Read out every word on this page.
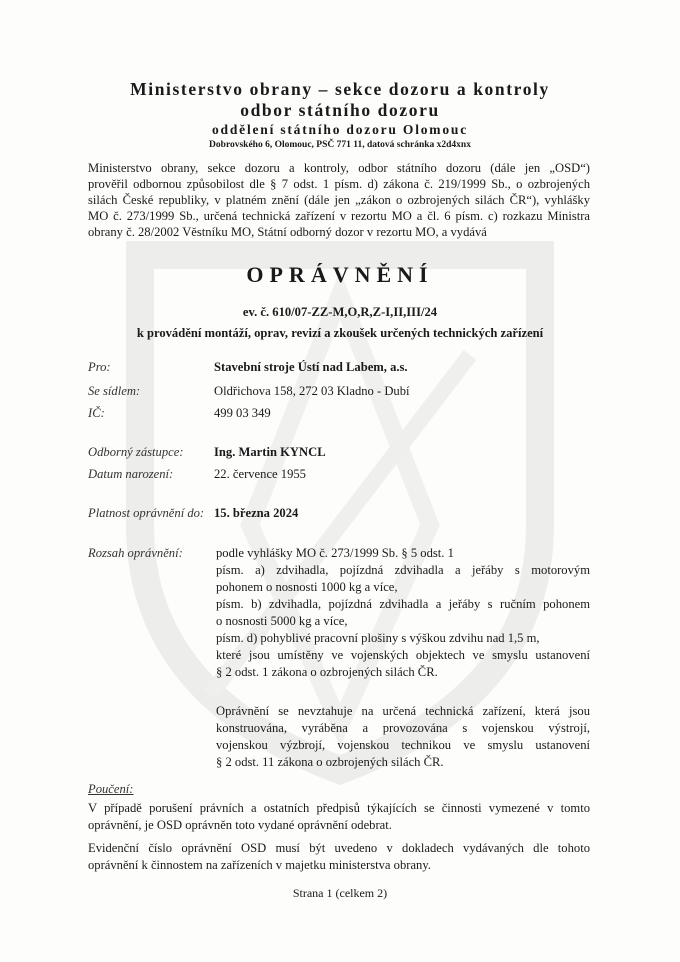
Ministerstvo obrany – sekce dozoru a kontroly
odbor státního dozoru
oddělení státního dozoru Olomouc
Dobrovského 6, Olomouc, PSČ 771 11, datová schránka x2d4xnx
Ministerstvo obrany, sekce dozoru a kontroly, odbor státního dozoru (dále jen „OSD“)
prověřil odbornou způsobilost dle § 7 odst. 1 písm. d) zákona č. 219/1999 Sb., o ozbrojených
silách České republiky, v platném znění (dále jen „zákon o ozbrojených silách ČR“), vyhlášky
MO č. 273/1999 Sb., určená technická zařízení v rezortu MO a čl. 6 písm. c) rozkazu Ministra
obrany č. 28/2002 Věstníku MO, Státní odborný dozor v rezortu MO, a vydává
OPRÁVNĚNÍ
ev. č. 610/07-ZZ-M,O,R,Z-I,II,III/24
k provádění montáží, oprav, revizí a zkoušek určených technických zařízení
Pro:	Stavební stroje Ústí nad Labem, a.s.
Se sídlem:	Oldřichova 158, 272 03 Kladno - Dubí
IČ:	499 03 349
Odborný zástupce: Ing. Martin KYNCL
Datum narození:	22. července 1955
Platnost oprávnění do: 15. března 2024
Rozsah oprávnění:	podle vyhlášky MO č. 273/1999 Sb. § 5 odst. 1
písm. a) zdvihadla, pojízdná zdvihadla a jeřáby s motorovým
pohonem o nosnosti 1000 kg a více,
písm. b) zdvihadla, pojízdná zdvihadla a jeřáby s ručním pohonem
o nosnosti 5000 kg a více,
písm. d) pohyblivé pracovní plošiny s výškou zdvihu nad 1,5 m,
které jsou umístěny ve vojenských objektech ve smyslu ustanovení
§ 2 odst. 1 zákona o ozbrojených silách ČR.
Oprávnění se nevztahuje na určená technická zařízení, která jsou
konstruována, vyráběna a provozována s vojenskou výstrojí,
vojenskou výzbrojí, vojenskou technikou ve smyslu ustanovení
§ 2 odst. 11 zákona o ozbrojených silách ČR.
Poučení:
V případě porušení právních a ostatních předpisů týkajících se činnosti vymezené v tomto
oprávnění, je OSD oprávněn toto vydané oprávnění odebrat.
Evidenční číslo oprávnění OSD musí být uvedeno v dokladech vydávaných dle tohoto
oprávnění k činnostem na zařízeních v majetku ministerstva obrany.
Strana 1 (celkem 2)
